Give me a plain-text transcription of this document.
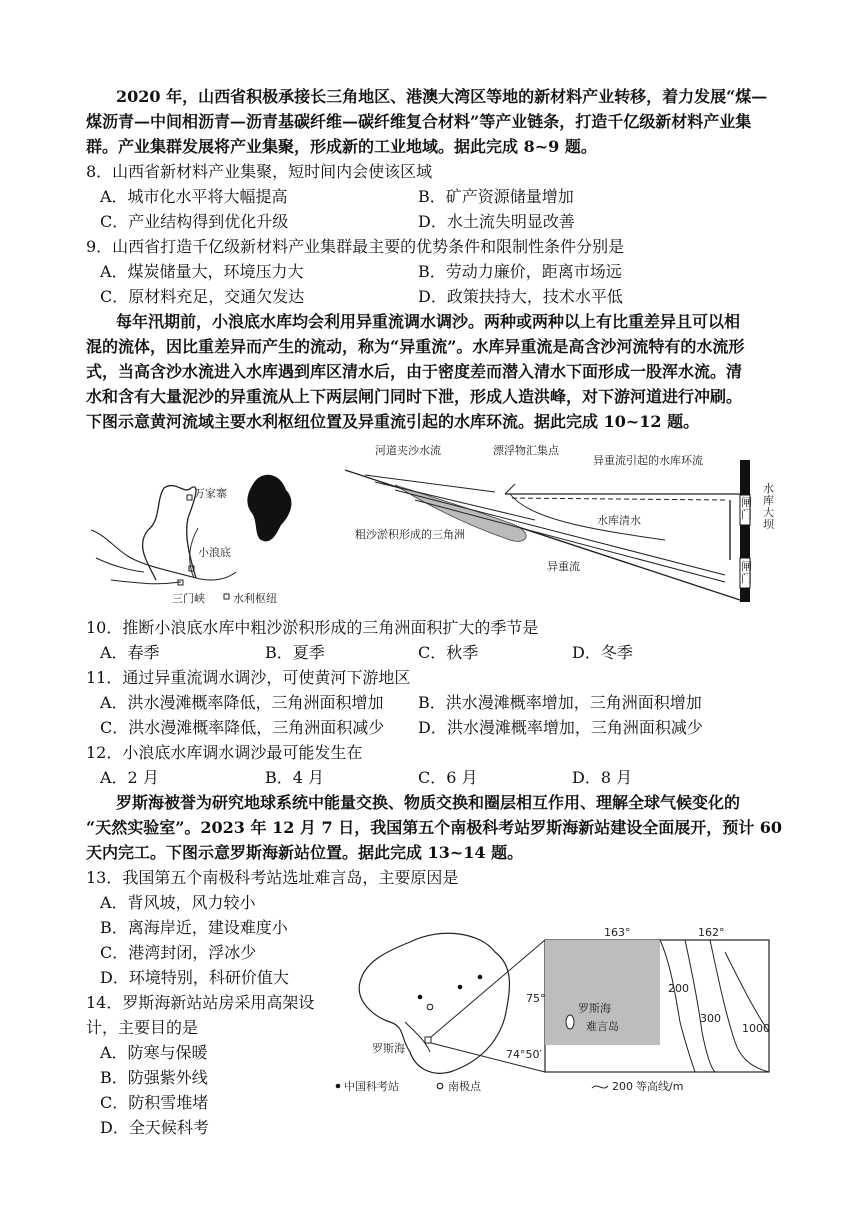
2020 年，山西省积极承接长三角地区、港澳大湾区等地的新材料产业转移，着力发展“煤—
煤沥青—中间相沥青—沥青基碳纤维—碳纤维复合材料”等产业链条，打造千亿级新材料产业集
群。产业集群发展将产业集聚，形成新的工业地域。据此完成 8~9 题。
8．山西省新材料产业集聚，短时间内会使该区域
A．城市化水平将大幅提高	B．矿产资源储量增加
C．产业结构得到优化升级	D．水土流失明显改善
9．山西省打造千亿级新材料产业集群最主要的优势条件和限制性条件分别是
A．煤炭储量大，环境压力大	B．劳动力廉价，距离市场远
C．原材料充足，交通欠发达	D．政策扶持大，技术水平低
每年汛期前，小浪底水库均会利用异重流调水调沙。两种或两种以上有比重差异且可以相
混的流体，因比重差异而产生的流动，称为“异重流”。水库异重流是高含沙河流特有的水流形
式，当高含沙水流进入水库遇到库区清水后，由于密度差而潜入清水下面形成一股浑水流。清
水和含有大量泥沙的异重流从上下两层闸门同时下泄，形成人造洪峰，对下游河道进行冲刷。
下图示意黄河流域主要水利枢纽位置及异重流引起的水库环流。据此完成 10~12 题。
万家寨
小浪底
三门峡	水利枢纽
河道夹沙水流	漂浮物汇集点
异重流引起的水库环流
水库清水
粗沙淤积形成的三角洲
异重流
水库大坝
闸门
闸门
10．推断小浪底水库中粗沙淤积形成的三角洲面积扩大的季节是
A．春季	B．夏季	C．秋季	D．冬季
11．通过异重流调水调沙，可使黄河下游地区
A．洪水漫滩概率降低，三角洲面积增加 B．洪水漫滩概率增加，三角洲面积增加
C．洪水漫滩概率降低，三角洲面积减少 D．洪水漫滩概率增加，三角洲面积减少
12．小浪底水库调水调沙最可能发生在
A．2 月	B．4 月	C．6 月	D．8 月
罗斯海被誉为研究地球系统中能量交换、物质交换和圈层相互作用、理解全球气候变化的
“天然实验室”。2023 年 12 月 7 日，我国第五个南极科考站罗斯海新站建设全面展开，预计 60
天内完工。下图示意罗斯海新站位置。据此完成 13~14 题。
13．我国第五个南极科考站选址难言岛，主要原因是
A．背风坡，风力较小
B．离海岸近，建设难度小
C．港湾封闭，浮冰少
D．环境特别，科研价值大
14．罗斯海新站站房采用高架设
计，主要目的是
A．防寒与保暖
B．防强紫外线
C．防积雪堆堵
D．全天候科考
罗斯海
163°	162°
75°
74°50′
罗斯海
难言岛
200
300
1000
中国科考站	南极点	200 等高线/m
